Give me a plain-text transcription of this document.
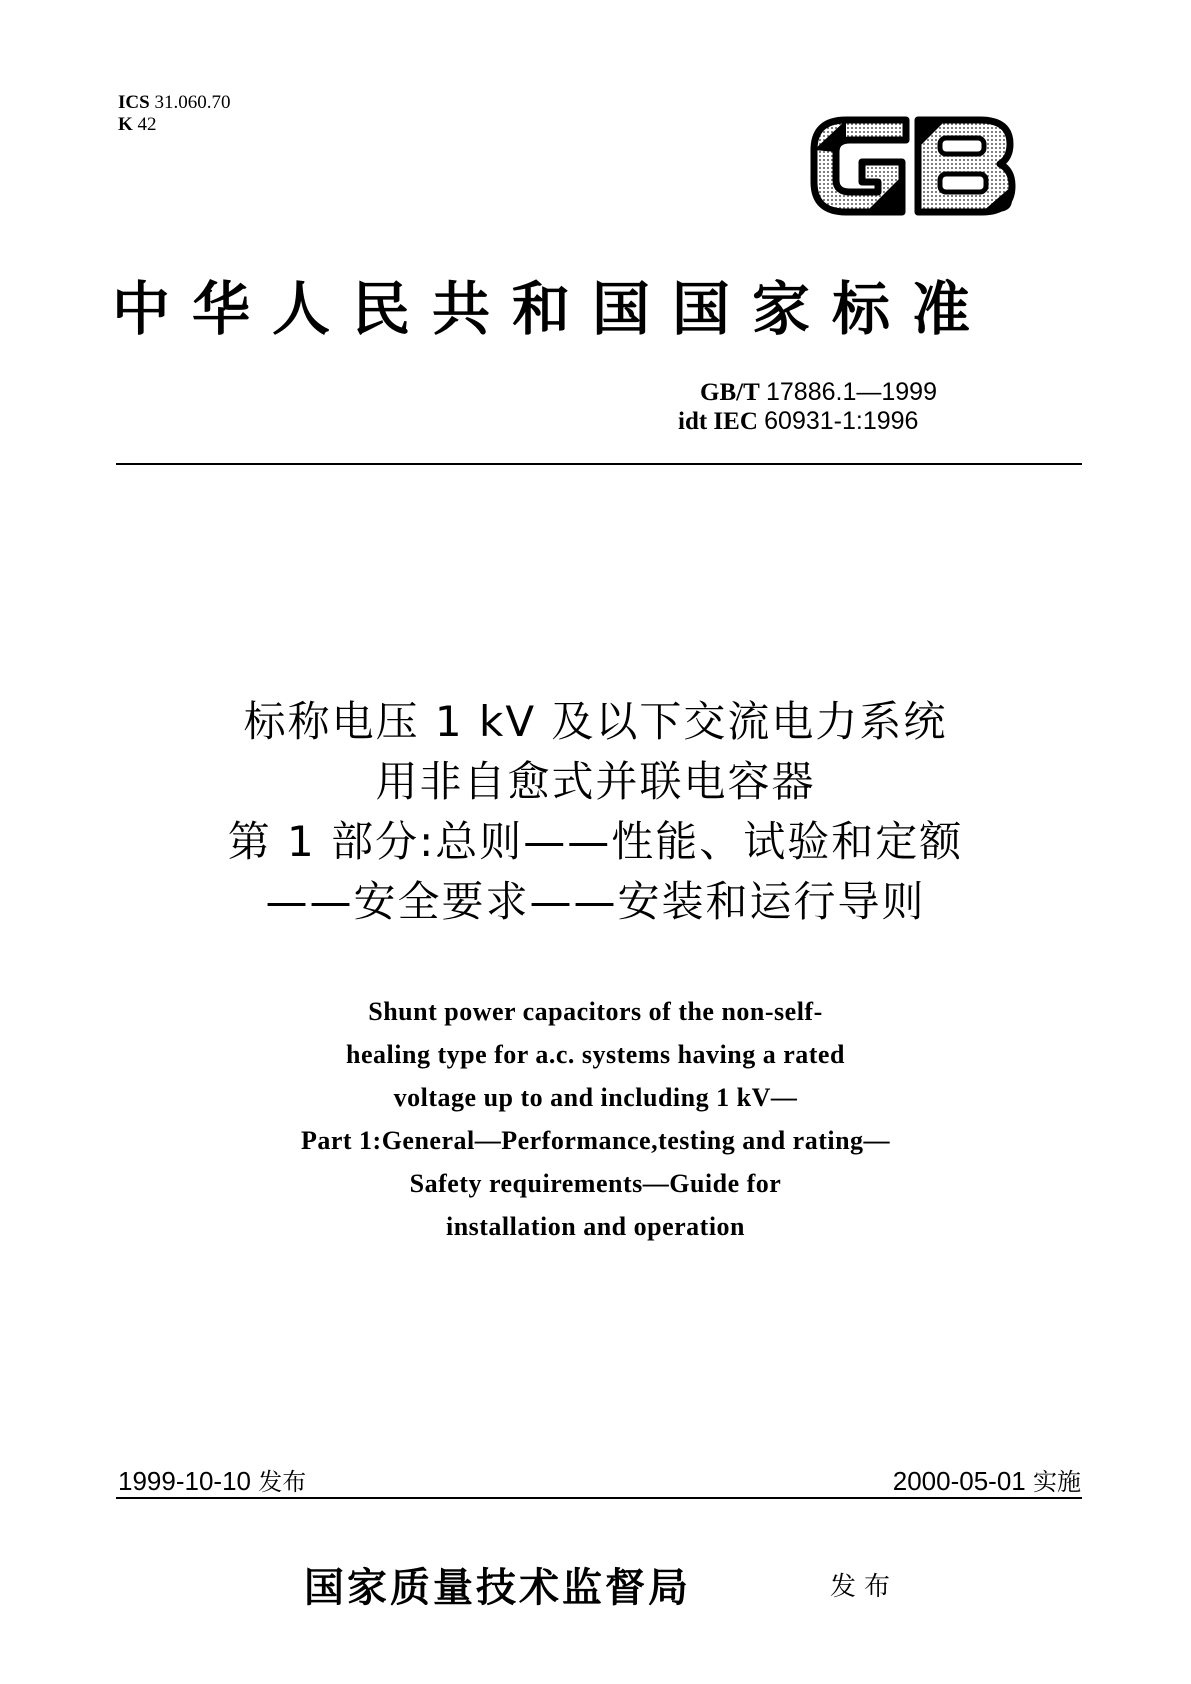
ICS 31.060.70
K 42
中华人民共和国国家标准
GB/T 17886.1—1999
idt IEC 60931-1:1996
标称电压 1 kV 及以下交流电力系统
用非自愈式并联电容器
第 1 部分:总则——性能、试验和定额
——安全要求——安装和运行导则
Shunt power capacitors of the non-self-
healing type for a.c. systems having a rated
voltage up to and including 1 kV—
Part 1:General—Performance,testing and rating—
Safety requirements—Guide for
installation and operation
1999-10-10 发布	2000-05-01 实施
国家质量技术监督局	发布
